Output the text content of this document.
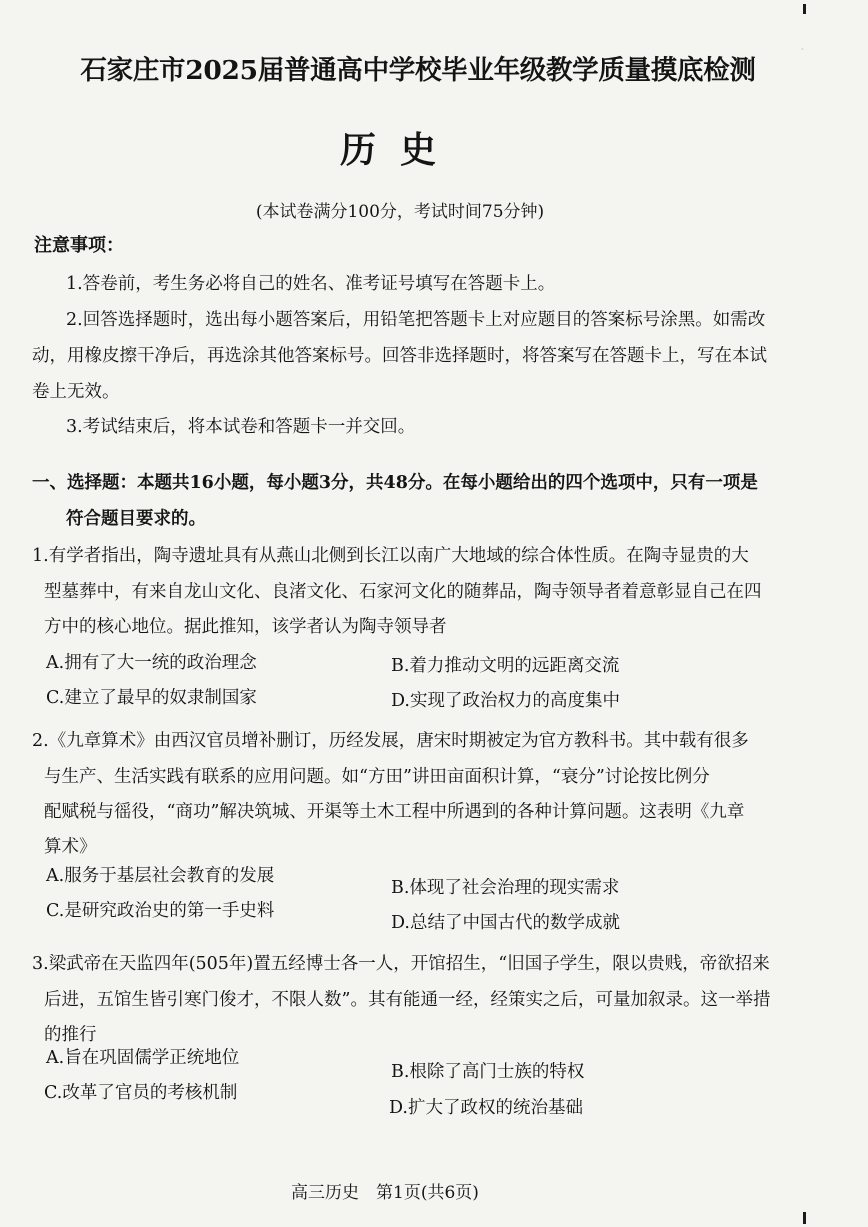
·
石家庄市2025届普通高中学校毕业年级教学质量摸底检测
历史
(本试卷满分100分，考试时间75分钟)
注意事项：
1.答卷前，考生务必将自己的姓名、准考证号填写在答题卡上。
2.回答选择题时，选出每小题答案后，用铅笔把答题卡上对应题目的答案标号涂黑。如需改
动，用橡皮擦干净后，再选涂其他答案标号。回答非选择题时，将答案写在答题卡上，写在本试
卷上无效。
3.考试结束后，将本试卷和答题卡一并交回。
一、选择题：本题共16小题，每小题3分，共48分。在每小题给出的四个选项中，只有一项是
符合题目要求的。
1.有学者指出，陶寺遗址具有从燕山北侧到长江以南广大地域的综合体性质。在陶寺显贵的大
型墓葬中，有来自龙山文化、良渚文化、石家河文化的随葬品，陶寺领导者着意彰显自己在四
方中的核心地位。据此推知，该学者认为陶寺领导者
A.拥有了大一统的政治理念	B.着力推动文明的远距离交流
C.建立了最早的奴隶制国家	D.实现了政治权力的高度集中
2.《九章算术》由西汉官员增补删订，历经发展，唐宋时期被定为官方教科书。其中载有很多
与生产、生活实践有联系的应用问题。如“方田”讲田亩面积计算，“衰分”讨论按比例分
配赋税与徭役，“商功”解决筑城、开渠等土木工程中所遇到的各种计算问题。这表明《九章
算术》
A.服务于基层社会教育的发展
B.体现了社会治理的现实需求
C.是研究政治史的第一手史料
D.总结了中国古代的数学成就
3.梁武帝在天监四年(505年)置五经博士各一人，开馆招生，“旧国子学生，限以贵贱，帝欲招来
后进，五馆生皆引寒门俊才，不限人数”。其有能通一经，经策实之后，可量加叙录。这一举措
的推行
A.旨在巩固儒学正统地位
B.根除了高门士族的特权
C.改革了官员的考核机制
D.扩大了政权的统治基础
高三历史　第1页(共6页)
